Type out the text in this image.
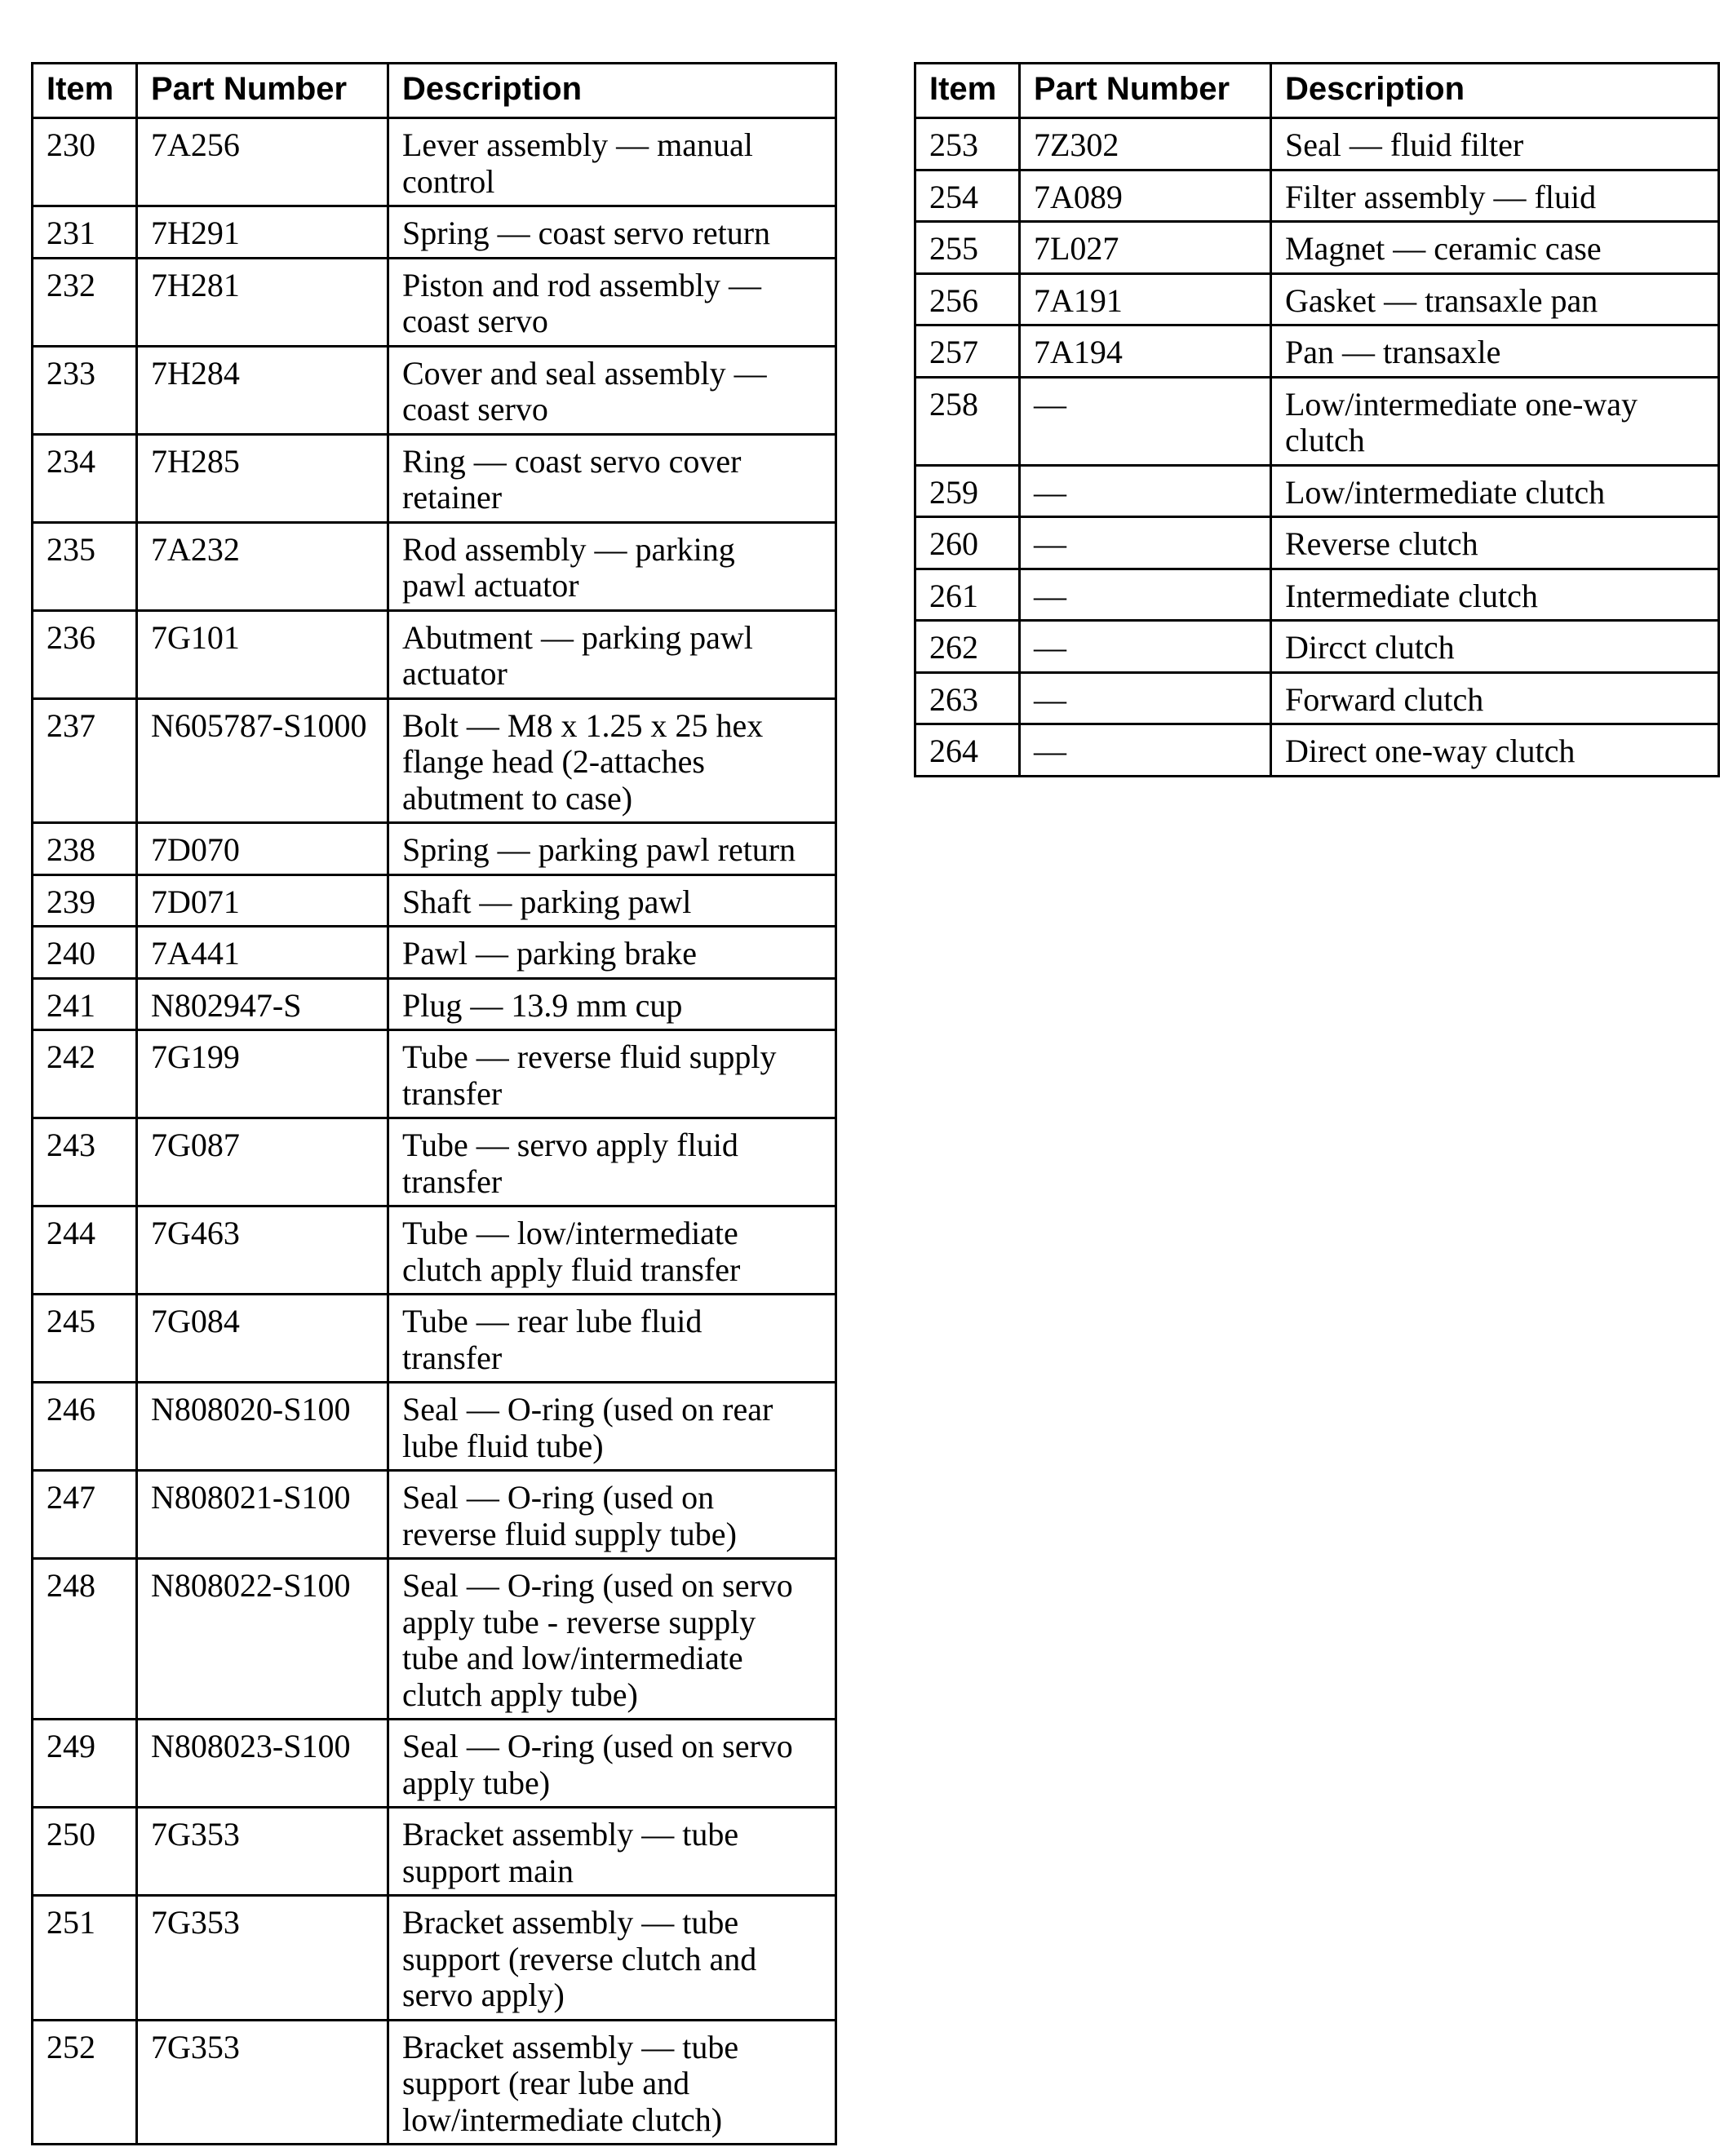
Item	Part Number	Description
230	7A256	Lever assembly — manual
control
231	7H291	Spring — coast servo return
232	7H281	Piston and rod assembly —
coast servo
233	7H284	Cover and seal assembly —
coast servo
234	7H285	Ring — coast servo cover
retainer
235	7A232	Rod assembly — parking
pawl actuator
236	7G101	Abutment — parking pawl
actuator
237	N605787-S1000	Bolt — M8 x 1.25 x 25 hex
flange head (2-attaches
abutment to case)
238	7D070	Spring — parking pawl return
239	7D071	Shaft — parking pawl
240	7A441	Pawl — parking brake
241	N802947-S	Plug — 13.9 mm cup
242	7G199	Tube — reverse fluid supply
transfer
243	7G087	Tube — servo apply fluid
transfer
244	7G463	Tube — low/intermediate
clutch apply fluid transfer
245	7G084	Tube — rear lube fluid
transfer
246	N808020-S100	Seal — O-ring (used on rear
lube fluid tube)
247	N808021-S100	Seal — O-ring (used on
reverse fluid supply tube)
248	N808022-S100	Seal — O-ring (used on servo
apply tube - reverse supply
tube and low/intermediate
clutch apply tube)
249	N808023-S100	Seal — O-ring (used on servo
apply tube)
250	7G353	Bracket assembly — tube
support main
251	7G353	Bracket assembly — tube
support (reverse clutch and
servo apply)
252	7G353	Bracket assembly — tube
support (rear lube and
low/intermediate clutch)
Item	Part Number	Description
253	7Z302	Seal — fluid filter
254	7A089	Filter assembly — fluid
255	7L027	Magnet — ceramic case
256	7A191	Gasket — transaxle pan
257	7A194	Pan — transaxle
258	—	Low/intermediate one-way
clutch
259	—	Low/intermediate clutch
260	—	Reverse clutch
261	—	Intermediate clutch
262	—	Dircct clutch
263	—	Forward clutch
264	—	Direct one-way clutch
